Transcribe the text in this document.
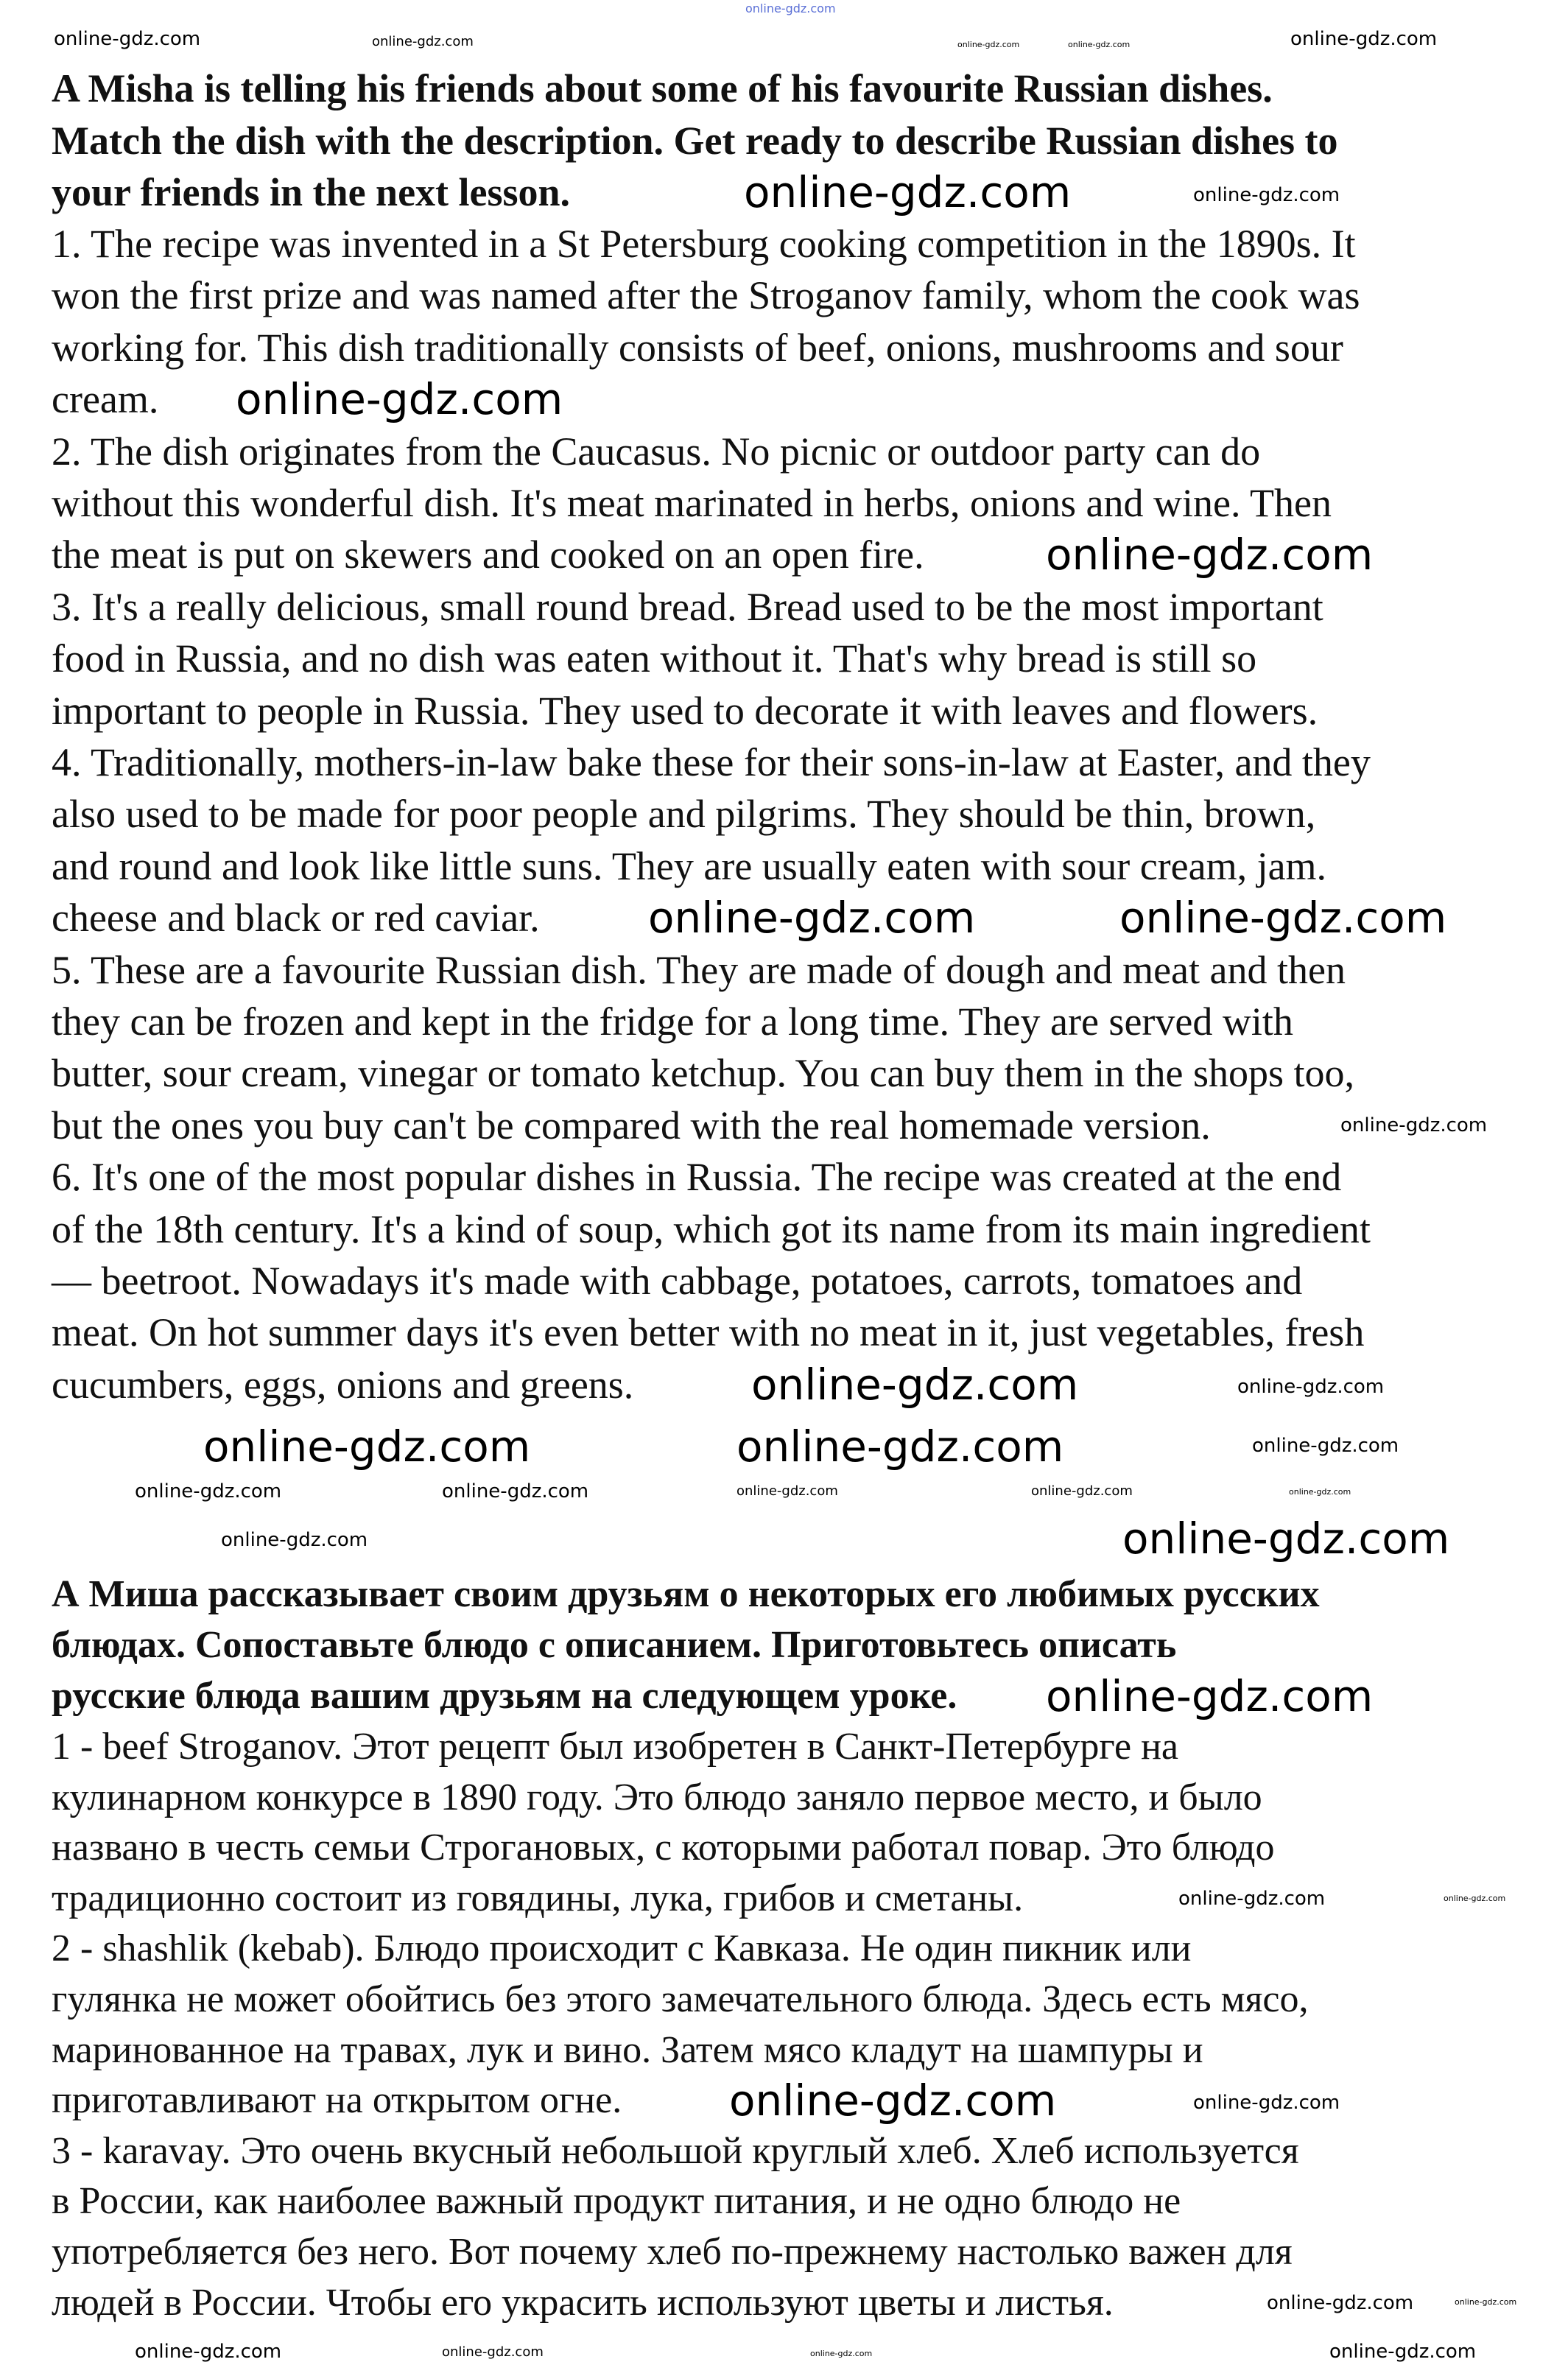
A Misha is telling his friends about some of his favourite Russian dishes.
Match the dish with the description. Get ready to describe Russian dishes to
your friends in the next lesson.
1. The recipe was invented in a St Petersburg cooking competition in the 1890s. It
won the first prize and was named after the Stroganov family, whom the cook was
working for. This dish traditionally consists of beef, onions, mushrooms and sour
cream.
2. The dish originates from the Caucasus. No picnic or outdoor party can do
without this wonderful dish. It's meat marinated in herbs, onions and wine. Then
the meat is put on skewers and cooked on an open fire.
3. It's a really delicious, small round bread. Bread used to be the most important
food in Russia, and no dish was eaten without it. That's why bread is still so
important to people in Russia. They used to decorate it with leaves and flowers.
4. Traditionally, mothers-in-law bake these for their sons-in-law at Easter, and they
also used to be made for poor people and pilgrims. They should be thin, brown,
and round and look like little suns. They are usually eaten with sour cream, jam.
cheese and black or red caviar.
5. These are a favourite Russian dish. They are made of dough and meat and then
they can be frozen and kept in the fridge for a long time. They are served with
butter, sour cream, vinegar or tomato ketchup. You can buy them in the shops too,
but the ones you buy can't be compared with the real homemade version.
6. It's one of the most popular dishes in Russia. The recipe was created at the end
of the 18th century. It's a kind of soup, which got its name from its main ingredient
— beetroot. Nowadays it's made with cabbage, potatoes, carrots, tomatoes and
meat. On hot summer days it's even better with no meat in it, just vegetables, fresh
cucumbers, eggs, onions and greens.
А Миша рассказывает своим друзьям о некоторых его любимых русских
блюдах. Сопоставьте блюдо с описанием. Приготовьтесь описать
русские блюда вашим друзьям на следующем уроке.
1 - beef Stroganov. Этот рецепт был изобретен в Санкт-Петербурге на
кулинарном конкурсе в 1890 году. Это блюдо заняло первое место, и было
названо в честь семьи Строгановых, с которыми работал повар. Это блюдо
традиционно состоит из говядины, лука, грибов и сметаны.
2 - shashlik (kebab). Блюдо происходит с Кавказа. Не один пикник или
гулянка не может обойтись без этого замечательного блюда. Здесь есть мясо,
маринованное на травах, лук и вино. Затем мясо кладут на шампуры и
приготавливают на открытом огне.
3 - karavay. Это очень вкусный небольшой круглый хлеб. Хлеб используется
в России, как наиболее важный продукт питания, и не одно блюдо не
употребляется без него. Вот почему хлеб по-прежнему настолько важен для
людей в России. Чтобы его украсить используют цветы и листья.
online-gdz.com
online-gdz.com	online-gdz.com	online-gdz.com
online-gdz.com	online-gdz.com
online-gdz.com	online-gdz.com
online-gdz.com
online-gdz.com
online-gdz.com	online-gdz.com
online-gdz.com
online-gdz.com	online-gdz.com
online-gdz.com	online-gdz.com	online-gdz.com
online-gdz.com	online-gdz.com	online-gdz.com	online-gdz.com	online-gdz.com
online-gdz.com
online-gdz.com
online-gdz.com
online-gdz.com	online-gdz.com
online-gdz.com	online-gdz.com
online-gdz.com	online-gdz.com
online-gdz.com	online-gdz.com	online-gdz.com	online-gdz.com
